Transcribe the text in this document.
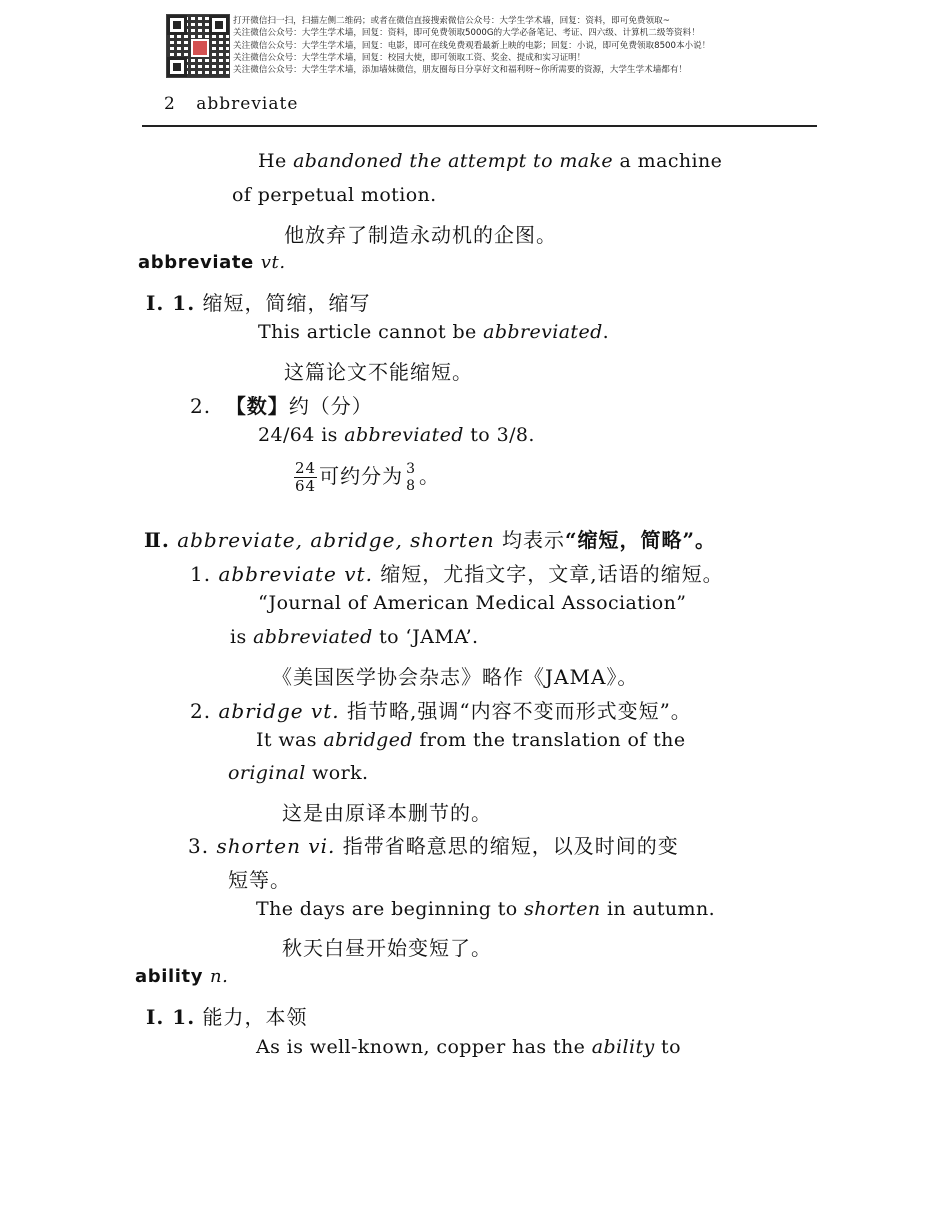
打开微信扫一扫，扫描左侧二维码；或者在微信直接搜索微信公众号：大学生学术墙，回复：资料，即可免费领取~
关注微信公众号：大学生学术墙，回复：资料，即可免费领取5000G的大学必备笔记、考证、四六级、计算机二级等资料！
关注微信公众号：大学生学术墙，回复：电影，即可在线免费观看最新上映的电影；回复：小说，即可免费领取8500本小说！
关注微信公众号：大学生学术墙，回复：校园大使，即可领取工资、奖金、提成和实习证明！
关注微信公众号：大学生学术墙，添加墙妹微信，朋友圈每日分享好文和福利呀~你所需要的资源，大学生学术墙都有！
2 abbreviate
He abandoned the attempt to make a machine
of perpetual motion.
他放弃了制造永动机的企图。
abbreviate vt.
Ⅰ. 1. 缩短，简缩，缩写
This article cannot be abbreviated.
这篇论文不能缩短。
2. 【数】约（分）
24/64 is abbreviated to 3/8.
$\frac{24}{64}$ 可约分为 3
8 。
Ⅱ. abbreviate, abridge, shorten 均表示“缩短，简略”。
1. abbreviate vt. 缩短，尤指文字，文章,话语的缩短。
“Journal of American Medical Association”
is abbreviated to ‘JAMA’.
《美国医学协会杂志》略作《JAMA》。
2. abridge vt. 指节略,强调“内容不变而形式变短”。
It was abridged from the translation of the
original work.
这是由原译本删节的。
3. shorten vi. 指带省略意思的缩短，以及时间的变
短等。
The days are beginning to shorten in autumn.
秋天白昼开始变短了。
ability n.
Ⅰ. 1. 能力，本领
As is well-known, copper has the ability to
